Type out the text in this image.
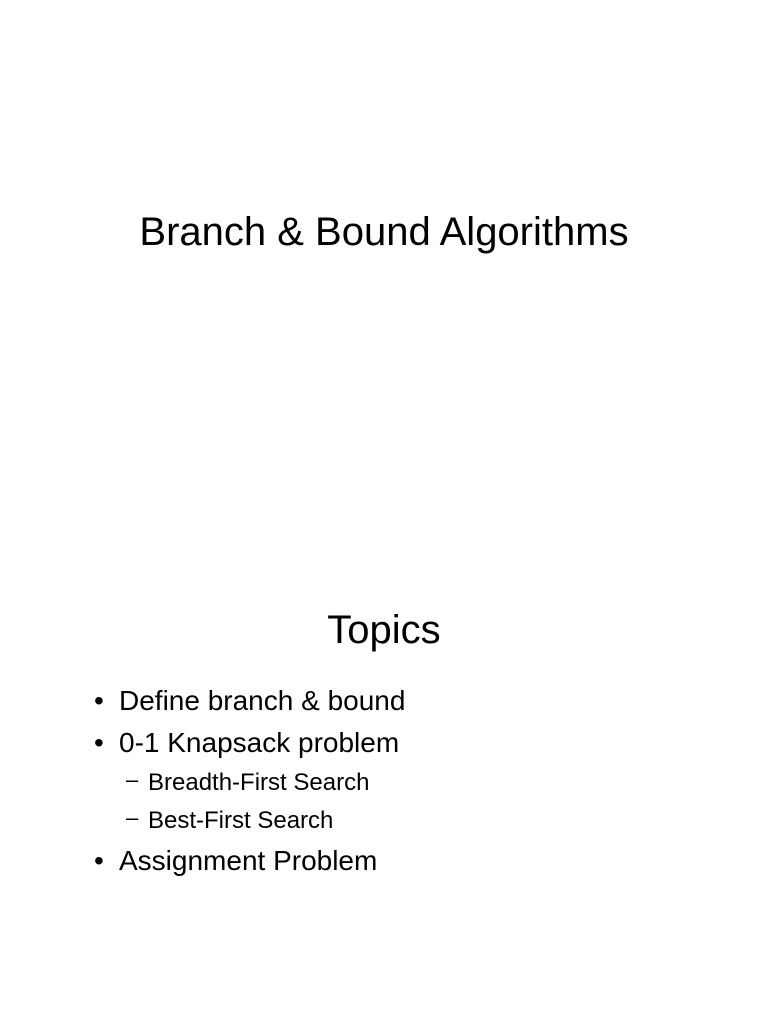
Branch & Bound Algorithms
Topics
• Define branch & bound
• 0-1 Knapsack problem
– Breadth-First Search
– Best-First Search
• Assignment Problem
